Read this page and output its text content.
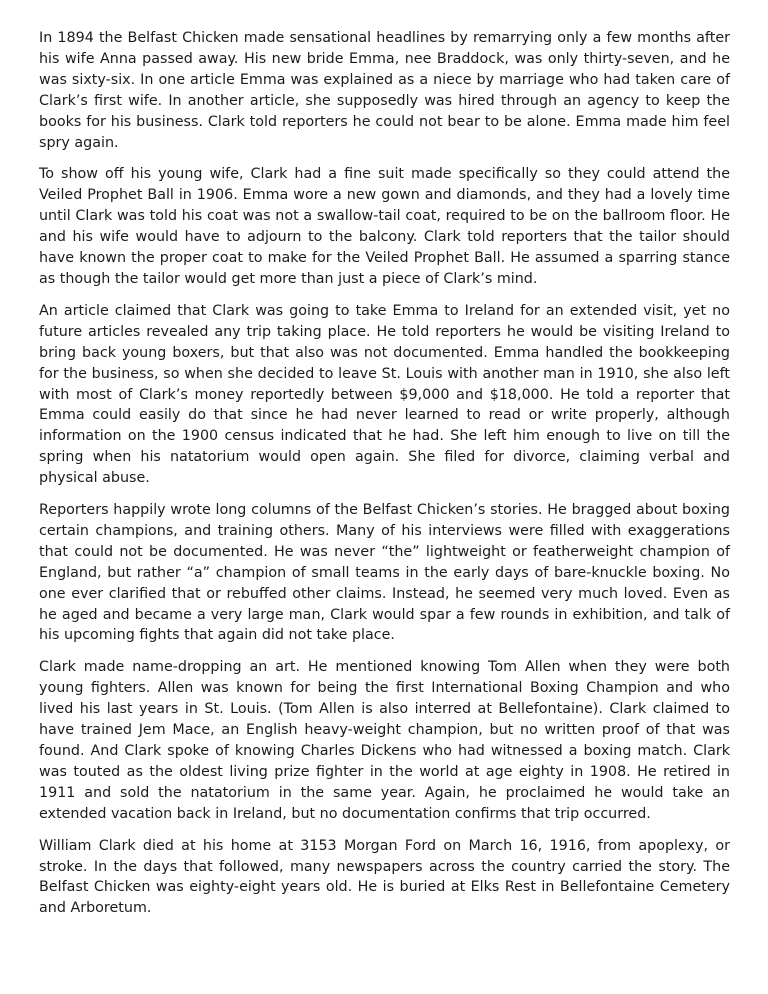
In 1894 the Belfast Chicken made sensational headlines by remarrying only a few months after his wife Anna passed away. His new bride Emma, nee Braddock, was only thirty-seven, and he was sixty-six. In one article Emma was explained as a niece by marriage who had taken care of Clark’s first wife. In another article, she supposedly was hired through an agency to keep the books for his business. Clark told reporters he could not bear to be alone. Emma made him feel spry again.

To show off his young wife, Clark had a fine suit made specifically so they could attend the Veiled Prophet Ball in 1906. Emma wore a new gown and diamonds, and they had a lovely time until Clark was told his coat was not a swallow-tail coat, required to be on the ballroom floor. He and his wife would have to adjourn to the balcony. Clark told reporters that the tailor should have known the proper coat to make for the Veiled Prophet Ball. He assumed a sparring stance as though the tailor would get more than just a piece of Clark’s mind.

An article claimed that Clark was going to take Emma to Ireland for an extended visit, yet no future articles revealed any trip taking place. He told reporters he would be visiting Ireland to bring back young boxers, but that also was not documented. Emma handled the bookkeeping for the business, so when she decided to leave St. Louis with another man in 1910, she also left with most of Clark’s money reportedly between $9,000 and $18,000. He told a reporter that Emma could easily do that since he had never learned to read or write properly, although information on the 1900 census indicated that he had. She left him enough to live on till the spring when his natatorium would open again. She filed for divorce, claiming verbal and physical abuse.

Reporters happily wrote long columns of the Belfast Chicken’s stories. He bragged about boxing certain champions, and training others. Many of his interviews were filled with exaggerations that could not be documented. He was never “the” lightweight or featherweight champion of England, but rather “a” champion of small teams in the early days of bare-knuckle boxing. No one ever clarified that or rebuffed other claims. Instead, he seemed very much loved. Even as he aged and became a very large man, Clark would spar a few rounds in exhibition, and talk of his upcoming fights that again did not take place.

Clark made name-dropping an art. He mentioned knowing Tom Allen when they were both young fighters. Allen was known for being the first International Boxing Champion and who lived his last years in St. Louis. (Tom Allen is also interred at Bellefontaine). Clark claimed to have trained Jem Mace, an English heavy-weight champion, but no written proof of that was found. And Clark spoke of knowing Charles Dickens who had witnessed a boxing match. Clark was touted as the oldest living prize fighter in the world at age eighty in 1908. He retired in 1911 and sold the natatorium in the same year. Again, he proclaimed he would take an extended vacation back in Ireland, but no documentation confirms that trip occurred.

William Clark died at his home at 3153 Morgan Ford on March 16, 1916, from apoplexy, or stroke. In the days that followed, many newspapers across the country carried the story. The Belfast Chicken was eighty-eight years old. He is buried at Elks Rest in Bellefontaine Cemetery and Arboretum.
